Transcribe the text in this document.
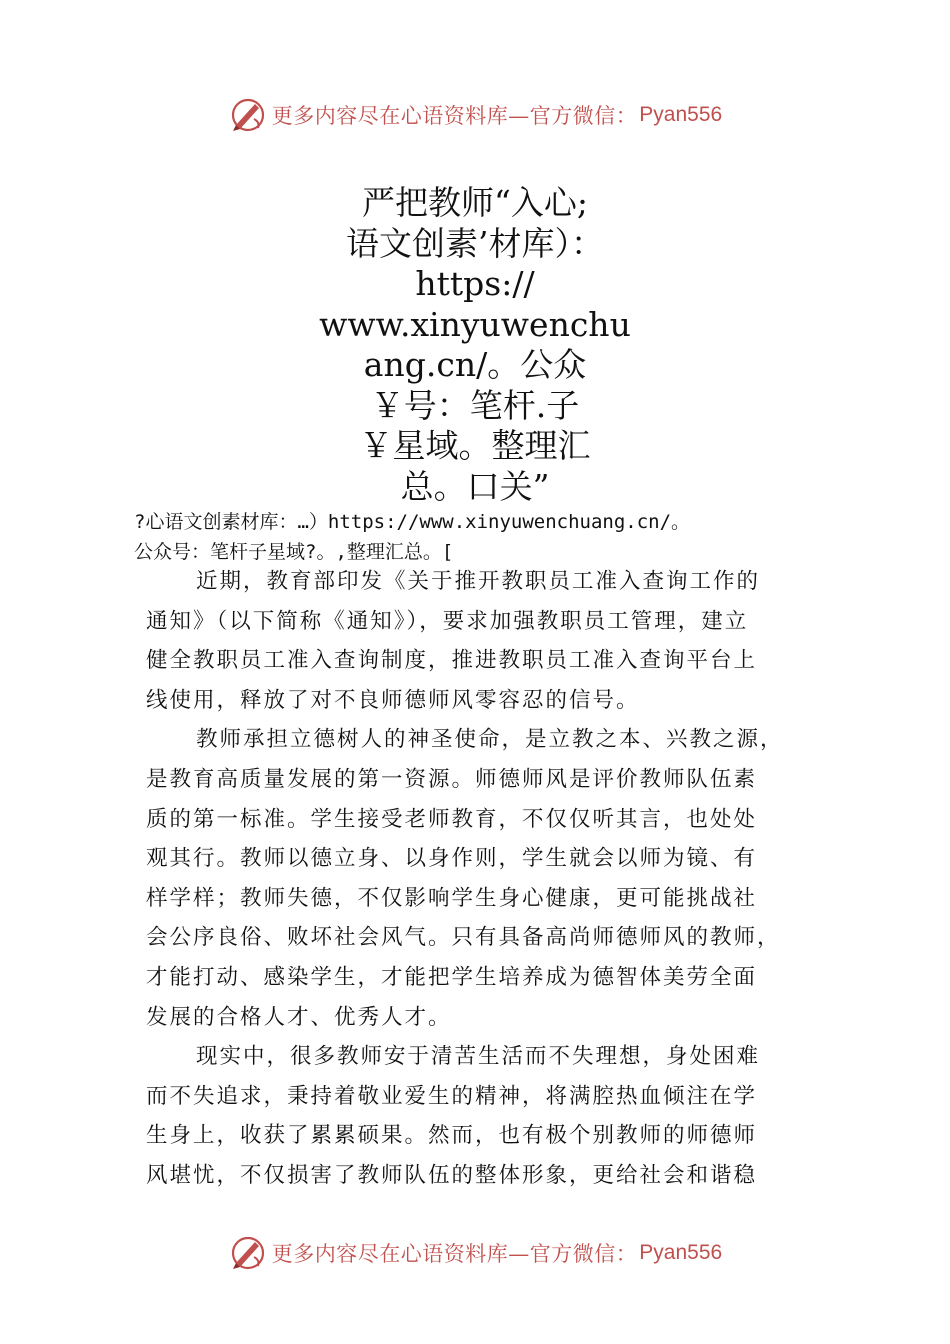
更多内容尽在心语资料库—官方微信： Pyan556
严把教师“入心;
语文创素’材库）：
https://
www.xinyuwenchu
ang.cn/。公众
￥号：笔杆.子
￥星域。整理汇
总。口关”
?心语文创素材库：…）https://www.xinyuwenchuang.cn/。
公众号：笔杆子星域?。,整理汇总。[
近期，教育部印发《关于推开教职员工准入查询工作的
通知》（以下简称《通知》），要求加强教职员工管理，建立
健全教职员工准入查询制度，推进教职员工准入查询平台上
线使用，释放了对不良师德师风零容忍的信号。
教师承担立德树人的神圣使命，是立教之本、兴教之源，
是教育高质量发展的第一资源。师德师风是评价教师队伍素
质的第一标准。学生接受老师教育，不仅仅听其言，也处处
观其行。教师以德立身、以身作则，学生就会以师为镜、有
样学样；教师失德，不仅影响学生身心健康，更可能挑战社
会公序良俗、败坏社会风气。只有具备高尚师德师风的教师，
才能打动、感染学生，才能把学生培养成为德智体美劳全面
发展的合格人才、优秀人才。
现实中，很多教师安于清苦生活而不失理想，身处困难
而不失追求，秉持着敬业爱生的精神，将满腔热血倾注在学
生身上，收获了累累硕果。然而，也有极个别教师的师德师
风堪忧，不仅损害了教师队伍的整体形象，更给社会和谐稳
更多内容尽在心语资料库—官方微信： Pyan556
